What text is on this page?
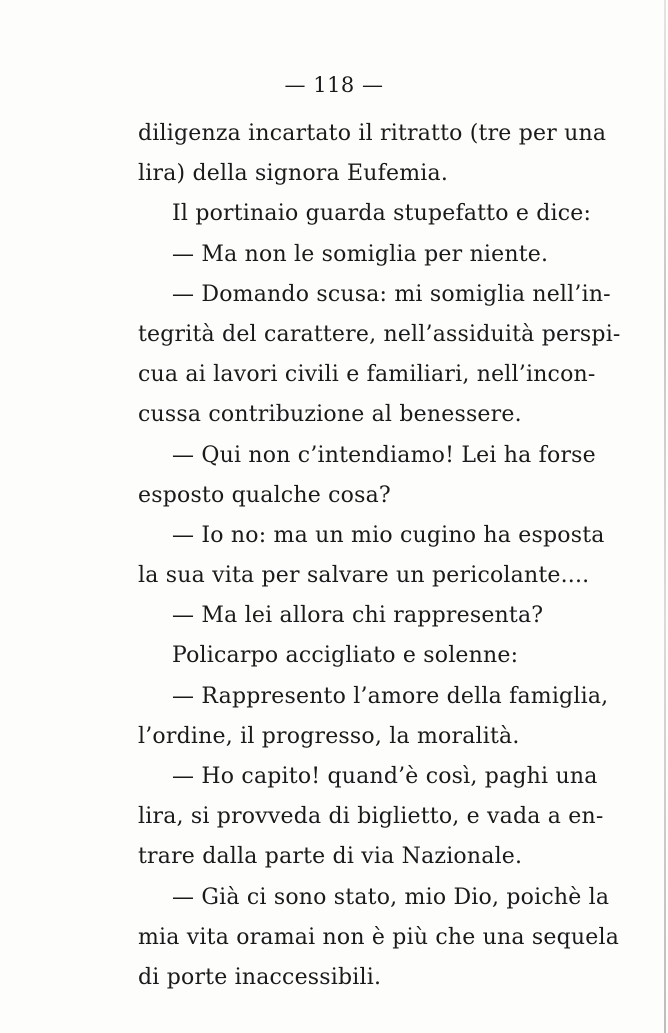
— 118 —
diligenza incartato il ritratto (tre per una
lira) della signora Eufemia.
Il portinaio guarda stupefatto e dice:
— Ma non le somiglia per niente.
— Domando scusa: mi somiglia nell’in-
tegrità del carattere, nell’assiduità perspi-
cua ai lavori civili e familiari, nell’incon-
cussa contribuzione al benessere.
— Qui non c’intendiamo! Lei ha forse
esposto qualche cosa?
— Io no: ma un mio cugino ha esposta
la sua vita per salvare un pericolante....
— Ma lei allora chi rappresenta?
Policarpo accigliato e solenne:
— Rappresento l’amore della famiglia,
l’ordine, il progresso, la moralità.
— Ho capito! quand’è così, paghi una
lira, si provveda di biglietto, e vada a en-
trare dalla parte di via Nazionale.
— Già ci sono stato, mio Dio, poichè la
mia vita oramai non è più che una sequela
di porte inaccessibili.
